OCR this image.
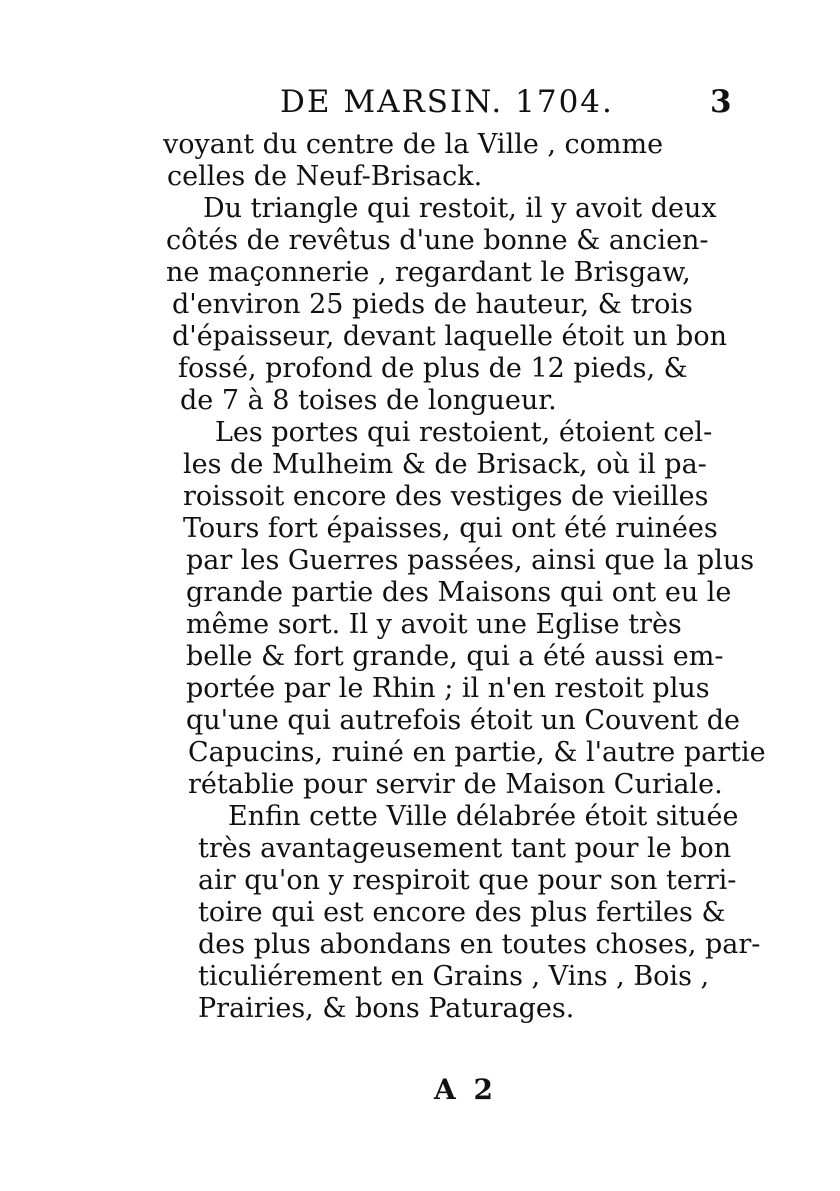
DE MARSIN. 1704.	3
voyant du centre de la Ville , comme
celles de Neuf-Brisack.
Du triangle qui restoit, il y avoit deux
côtés de revêtus d'une bonne & ancien-
ne maçonnerie , regardant le Brisgaw,
d'environ 25 pieds de hauteur, & trois
d'épaisseur, devant laquelle étoit un bon
fossé, profond de plus de 12 pieds, &
de 7 à 8 toises de longueur.
Les portes qui restoient, étoient cel-
les de Mulheim & de Brisack, où il pa-
roissoit encore des vestiges de vieilles
Tours fort épaisses, qui ont été ruinées
par les Guerres passées, ainsi que la plus
grande partie des Maisons qui ont eu le
même sort. Il y avoit une Eglise très
belle & fort grande, qui a été aussi em-
portée par le Rhin ; il n'en restoit plus
qu'une qui autrefois étoit un Couvent de
Capucins, ruiné en partie, & l'autre partie
rétablie pour servir de Maison Curiale.
Enfin cette Ville délabrée étoit située
très avantageusement tant pour le bon
air qu'on y respiroit que pour son terri-
toire qui est encore des plus fertiles &
des plus abondans en toutes choses, par-
ticuliérement en Grains , Vins , Bois ,
Prairies, & bons Paturages.
A 2
